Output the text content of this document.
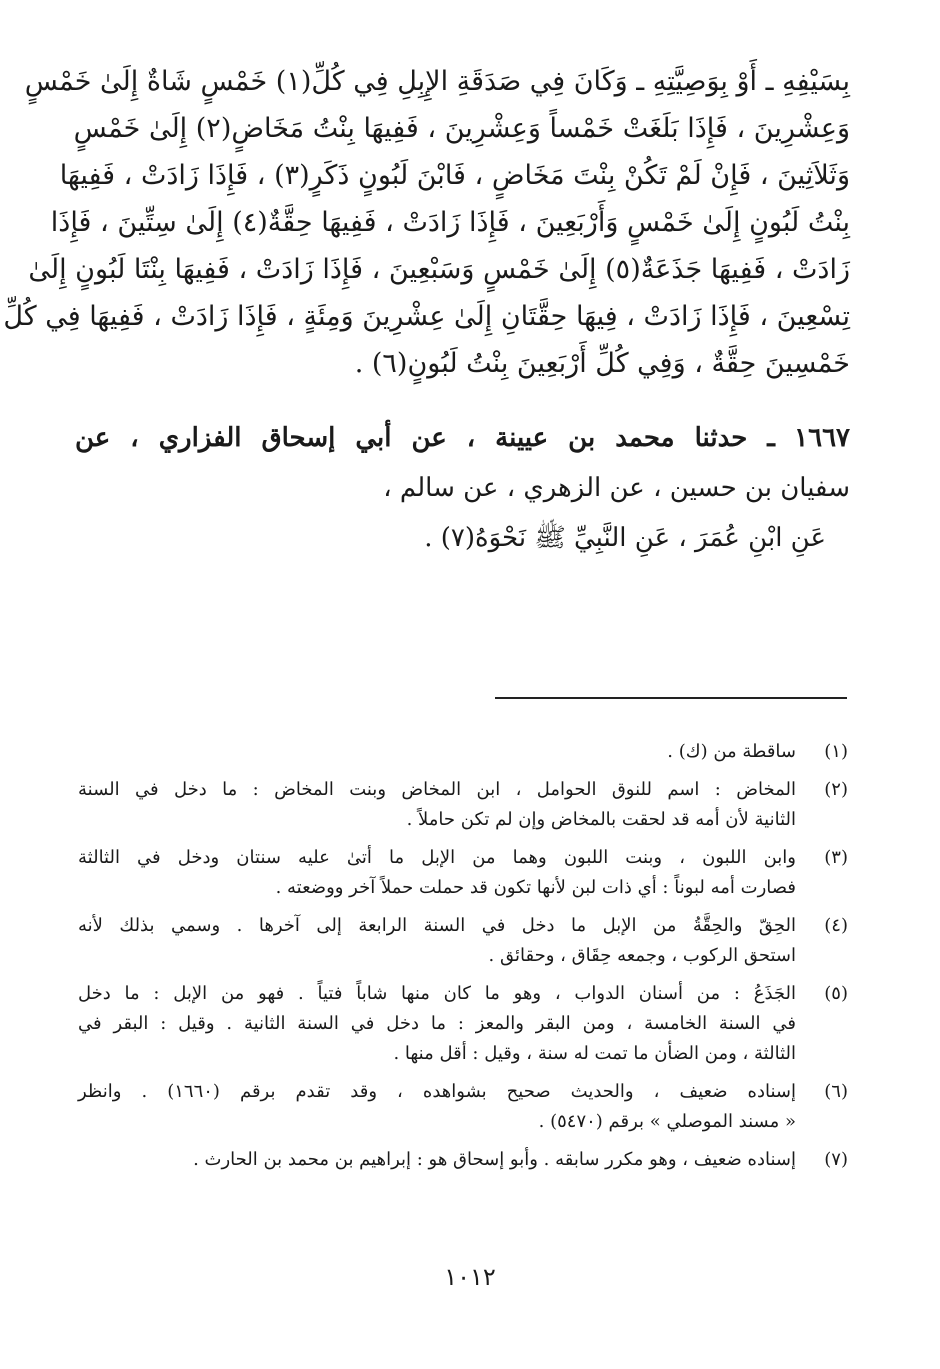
بِسَيْفِهِ ـ أَوْ بِوَصِيَّتِهِ ـ وَكَانَ فِي صَدَقَةِ الإِبِلِ فِي كُلِّ(١) خَمْسٍ شَاةٌ إِلَىٰ خَمْسٍ
وَعِشْرِينَ ، فَإِذَا بَلَغَتْ خَمْساً وَعِشْرِينَ ، فَفِيهَا بِنْتُ مَخَاضٍ(٢) إِلَىٰ خَمْسٍ
وَثَلاَثِينَ ، فَإِنْ لَمْ تَكُنْ بِنْتَ مَخَاضٍ ، فَابْنَ لَبُونٍ ذَكَرٍ(٣) ، فَإِذَا زَادَتْ ، فَفِيهَا
بِنْتُ لَبُونٍ إِلَىٰ خَمْسٍ وَأَرْبَعِينَ ، فَإِذَا زَادَتْ ، فَفِيهَا حِقَّةٌ(٤) إِلَىٰ سِتِّينَ ، فَإِذَا
زَادَتْ ، فَفِيهَا جَذَعَةٌ(٥) إِلَىٰ خَمْسٍ وَسَبْعِينَ ، فَإِذَا زَادَتْ ، فَفِيهَا بِنْتَا لَبُونٍ إِلَىٰ
تِسْعِينَ ، فَإِذَا زَادَتْ ، فِيهَا حِقَّتَانِ إِلَىٰ عِشْرِينَ وَمِئَةٍ ، فَإِذَا زَادَتْ ، فَفِيهَا فِي كُلِّ
خَمْسِينَ حِقَّةٌ ، وَفِي كُلِّ أَرْبَعِينَ بِنْتُ لَبُونٍ(٦) .
١٦٦٧ ـ حدثنا محمد بن عيينة ، عن أبي إسحاق الفزاري ، عن
سفيان بن حسين ، عن الزهري ، عن سالم ،
عَنِ ابْنِ عُمَرَ ، عَنِ النَّبِيِّ ﷺ نَحْوَهُ(٧) .
(١)
ساقطة من (ك) .
(٢)
المخاض : اسم للنوق الحوامل ، ابن المخاض وبنت المخاض : ما دخل في السنة
الثانية لأن أمه قد لحقت بالمخاض وإن لم تكن حاملاً .
(٣)
وابن اللبون ، وبنت اللبون وهما من الإبل ما أتىٰ عليه سنتان ودخل في الثالثة
فصارت أمه لبوناً : أي ذات لبن لأنها تكون قد حملت حملاً آخر ووضعته .
(٤)
الحِقّ والحِقَّةُ من الإبل ما دخل في السنة الرابعة إلى آخرها . وسمي بذلك لأنه
استحق الركوب ، وجمعه حِقَاق ، وحقائق .
(٥)
الجَذَعُ : من أسنان الدواب ، وهو ما كان منها شاباً فتياً . فهو من الإبل : ما دخل
في السنة الخامسة ، ومن البقر والمعز : ما دخل في السنة الثانية . وقيل : البقر في
الثالثة ، ومن الضأن ما تمت له سنة ، وقيل : أقل منها .
(٦)
إسناده ضعيف ، والحديث صحيح بشواهده ، وقد تقدم برقم (١٦٦٠) . وانظر
« مسند الموصلي » برقم (٥٤٧٠) .
(٧)
إسناده ضعيف ، وهو مكرر سابقه . وأبو إسحاق هو : إبراهيم بن محمد بن الحارث .
١٠١٢
